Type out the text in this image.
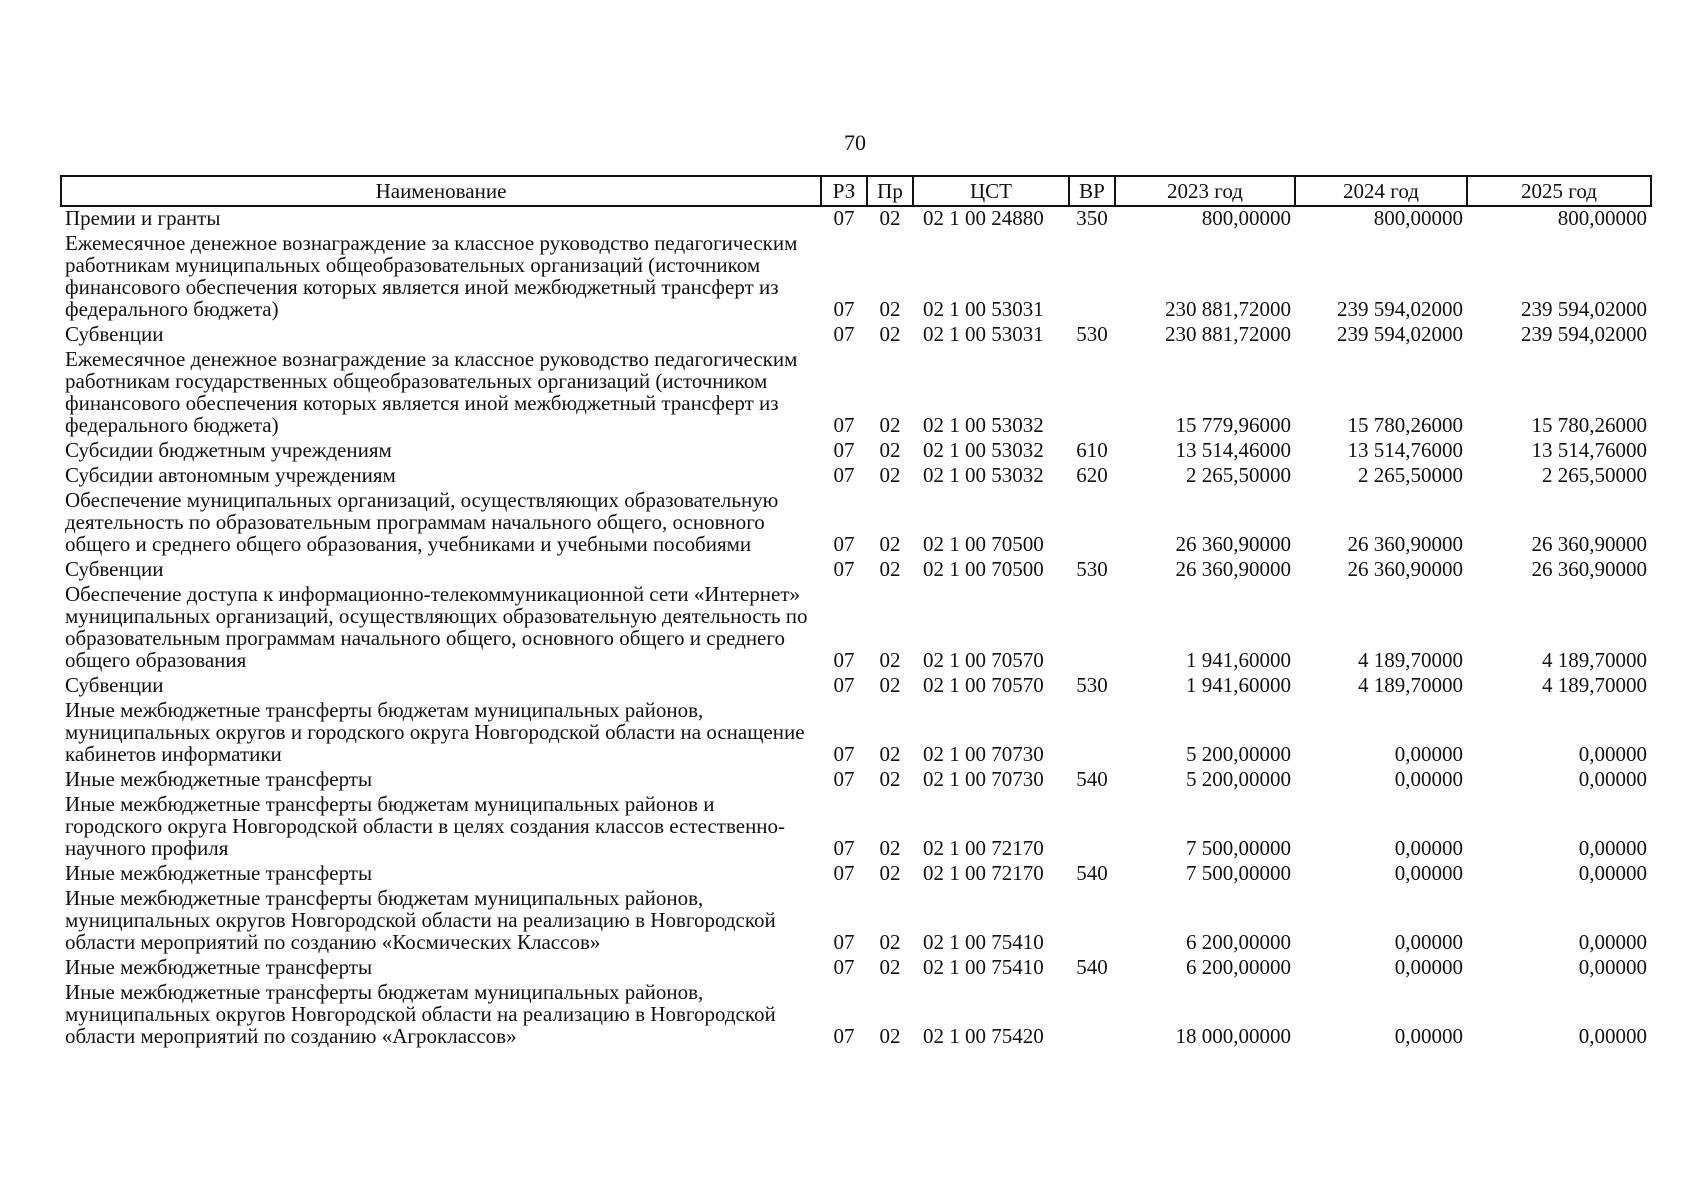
70
Наименование	РЗ	Пр	ЦСТ	ВР	2023 год	2024 год	2025 год
Премии и гранты	07	02	02 1 00 24880	350	800,00000	800,00000	800,00000
Ежемесячное денежное вознаграждение за классное руководство педагогическим работникам муниципальных общеобразовательных организаций (источником финансового обеспечения которых является иной межбюджетный трансферт из федерального бюджета)	07	02	02 1 00 53031		230 881,72000	239 594,02000	239 594,02000
Субвенции	07	02	02 1 00 53031	530	230 881,72000	239 594,02000	239 594,02000
Ежемесячное денежное вознаграждение за классное руководство педагогическим работникам государственных общеобразовательных организаций (источником финансового обеспечения которых является иной межбюджетный трансферт из федерального бюджета)	07	02	02 1 00 53032		15 779,96000	15 780,26000	15 780,26000
Субсидии бюджетным учреждениям	07	02	02 1 00 53032	610	13 514,46000	13 514,76000	13 514,76000
Субсидии автономным учреждениям	07	02	02 1 00 53032	620	2 265,50000	2 265,50000	2 265,50000
Обеспечение муниципальных организаций, осуществляющих образовательную деятельность по образовательным программам начального общего, основного общего и среднего общего образования, учебниками и учебными пособиями	07	02	02 1 00 70500		26 360,90000	26 360,90000	26 360,90000
Субвенции	07	02	02 1 00 70500	530	26 360,90000	26 360,90000	26 360,90000
Обеспечение доступа к информационно-телекоммуникационной сети «Интернет» муниципальных организаций, осуществляющих образовательную деятельность по образовательным программам начального общего, основного общего и среднего общего образования	07	02	02 1 00 70570		1 941,60000	4 189,70000	4 189,70000
Субвенции	07	02	02 1 00 70570	530	1 941,60000	4 189,70000	4 189,70000
Иные межбюджетные трансферты бюджетам муниципальных районов, муниципальных округов и городского округа Новгородской области на оснащение кабинетов информатики	07	02	02 1 00 70730		5 200,00000	0,00000	0,00000
Иные межбюджетные трансферты	07	02	02 1 00 70730	540	5 200,00000	0,00000	0,00000
Иные межбюджетные трансферты бюджетам муниципальных районов и городского округа Новгородской области в целях создания классов естественно-научного профиля	07	02	02 1 00 72170		7 500,00000	0,00000	0,00000
Иные межбюджетные трансферты	07	02	02 1 00 72170	540	7 500,00000	0,00000	0,00000
Иные межбюджетные трансферты бюджетам муниципальных районов, муниципальных округов Новгородской области на реализацию в Новгородской области мероприятий по созданию «Космических Классов»	07	02	02 1 00 75410		6 200,00000	0,00000	0,00000
Иные межбюджетные трансферты	07	02	02 1 00 75410	540	6 200,00000	0,00000	0,00000
Иные межбюджетные трансферты бюджетам муниципальных районов, муниципальных округов Новгородской области на реализацию в Новгородской области мероприятий по созданию «Агроклассов»	07	02	02 1 00 75420		18 000,00000	0,00000	0,00000
